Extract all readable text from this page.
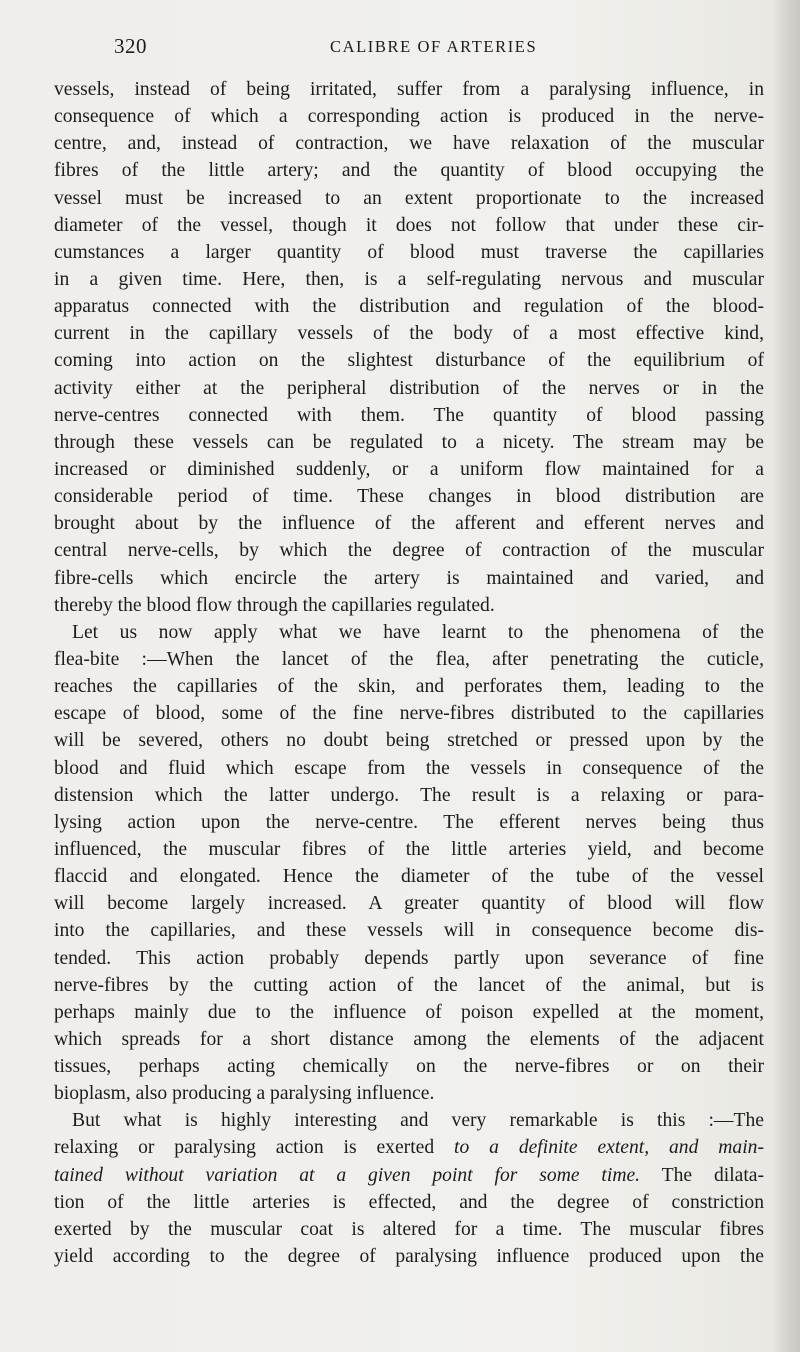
320	CALIBRE OF ARTERIES
vessels, instead of being irritated, suffer from a paralysing influence, in
consequence of which a corresponding action is produced in the nerve-
centre, and, instead of contraction, we have relaxation of the muscular
fibres of the little artery; and the quantity of blood occupying the
vessel must be increased to an extent proportionate to the increased
diameter of the vessel, though it does not follow that under these cir-
cumstances a larger quantity of blood must traverse the capillaries
in a given time. Here, then, is a self-regulating nervous and muscular
apparatus connected with the distribution and regulation of the blood-
current in the capillary vessels of the body of a most effective kind,
coming into action on the slightest disturbance of the equilibrium of
activity either at the peripheral distribution of the nerves or in the
nerve-centres connected with them. The quantity of blood passing
through these vessels can be regulated to a nicety. The stream may be
increased or diminished suddenly, or a uniform flow maintained for a
considerable period of time. These changes in blood distribution are
brought about by the influence of the afferent and efferent nerves and
central nerve-cells, by which the degree of contraction of the muscular
fibre-cells which encircle the artery is maintained and varied, and
thereby the blood flow through the capillaries regulated.
Let us now apply what we have learnt to the phenomena of the
flea-bite :—When the lancet of the flea, after penetrating the cuticle,
reaches the capillaries of the skin, and perforates them, leading to the
escape of blood, some of the fine nerve-fibres distributed to the capillaries
will be severed, others no doubt being stretched or pressed upon by the
blood and fluid which escape from the vessels in consequence of the
distension which the latter undergo. The result is a relaxing or para-
lysing action upon the nerve-centre. The efferent nerves being thus
influenced, the muscular fibres of the little arteries yield, and become
flaccid and elongated. Hence the diameter of the tube of the vessel
will become largely increased. A greater quantity of blood will flow
into the capillaries, and these vessels will in consequence become dis-
tended. This action probably depends partly upon severance of fine
nerve-fibres by the cutting action of the lancet of the animal, but is
perhaps mainly due to the influence of poison expelled at the moment,
which spreads for a short distance among the elements of the adjacent
tissues, perhaps acting chemically on the nerve-fibres or on their
bioplasm, also producing a paralysing influence.
But what is highly interesting and very remarkable is this :—The
relaxing or paralysing action is exerted to a definite extent, and main-
tained without variation at a given point for some time. The dilata-
tion of the little arteries is effected, and the degree of constriction
exerted by the muscular coat is altered for a time. The muscular fibres
yield according to the degree of paralysing influence produced upon the
